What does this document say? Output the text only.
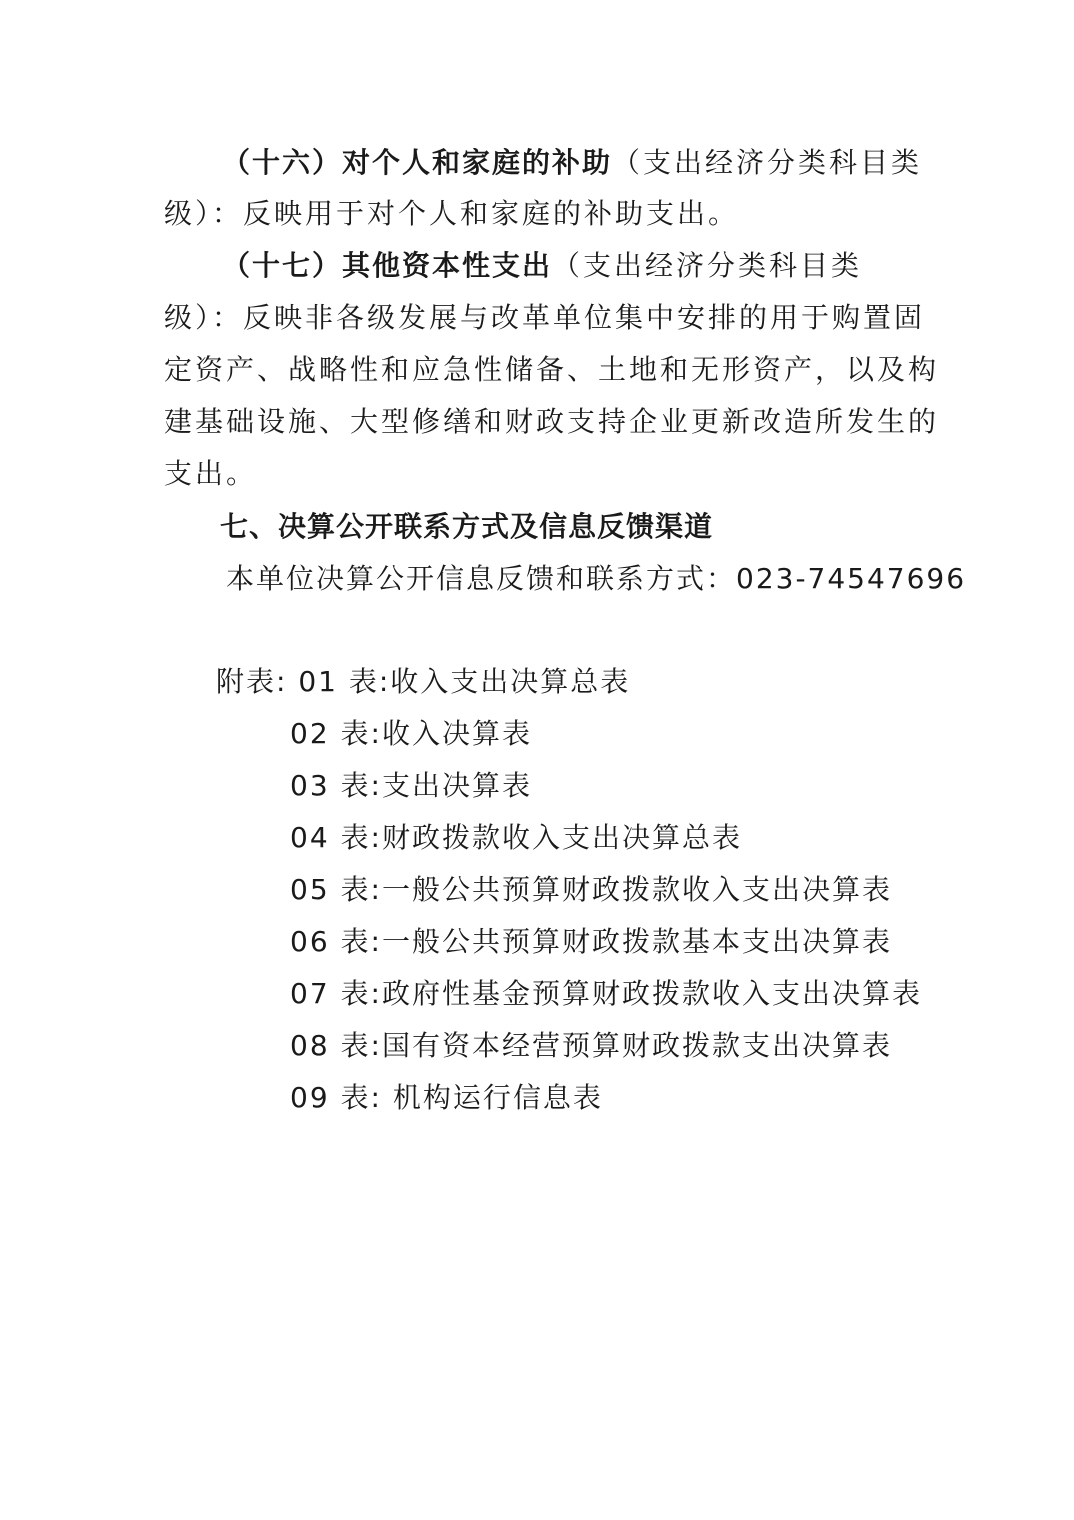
（十六）对个人和家庭的补助（支出经济分类科目类
级）：反映用于对个人和家庭的补助支出。
（十七）其他资本性支出（支出经济分类科目类
级）：反映非各级发展与改革单位集中安排的用于购置固
定资产、战略性和应急性储备、土地和无形资产，以及构
建基础设施、大型修缮和财政支持企业更新改造所发生的
支出。
七、决算公开联系方式及信息反馈渠道
本单位决算公开信息反馈和联系方式：023-74547696
附表: 01 表:收入支出决算总表
02 表:收入决算表
03 表:支出决算表
04 表:财政拨款收入支出决算总表
05 表:一般公共预算财政拨款收入支出决算表
06 表:一般公共预算财政拨款基本支出决算表
07 表:政府性基金预算财政拨款收入支出决算表
08 表:国有资本经营预算财政拨款支出决算表
09 表: 机构运行信息表
